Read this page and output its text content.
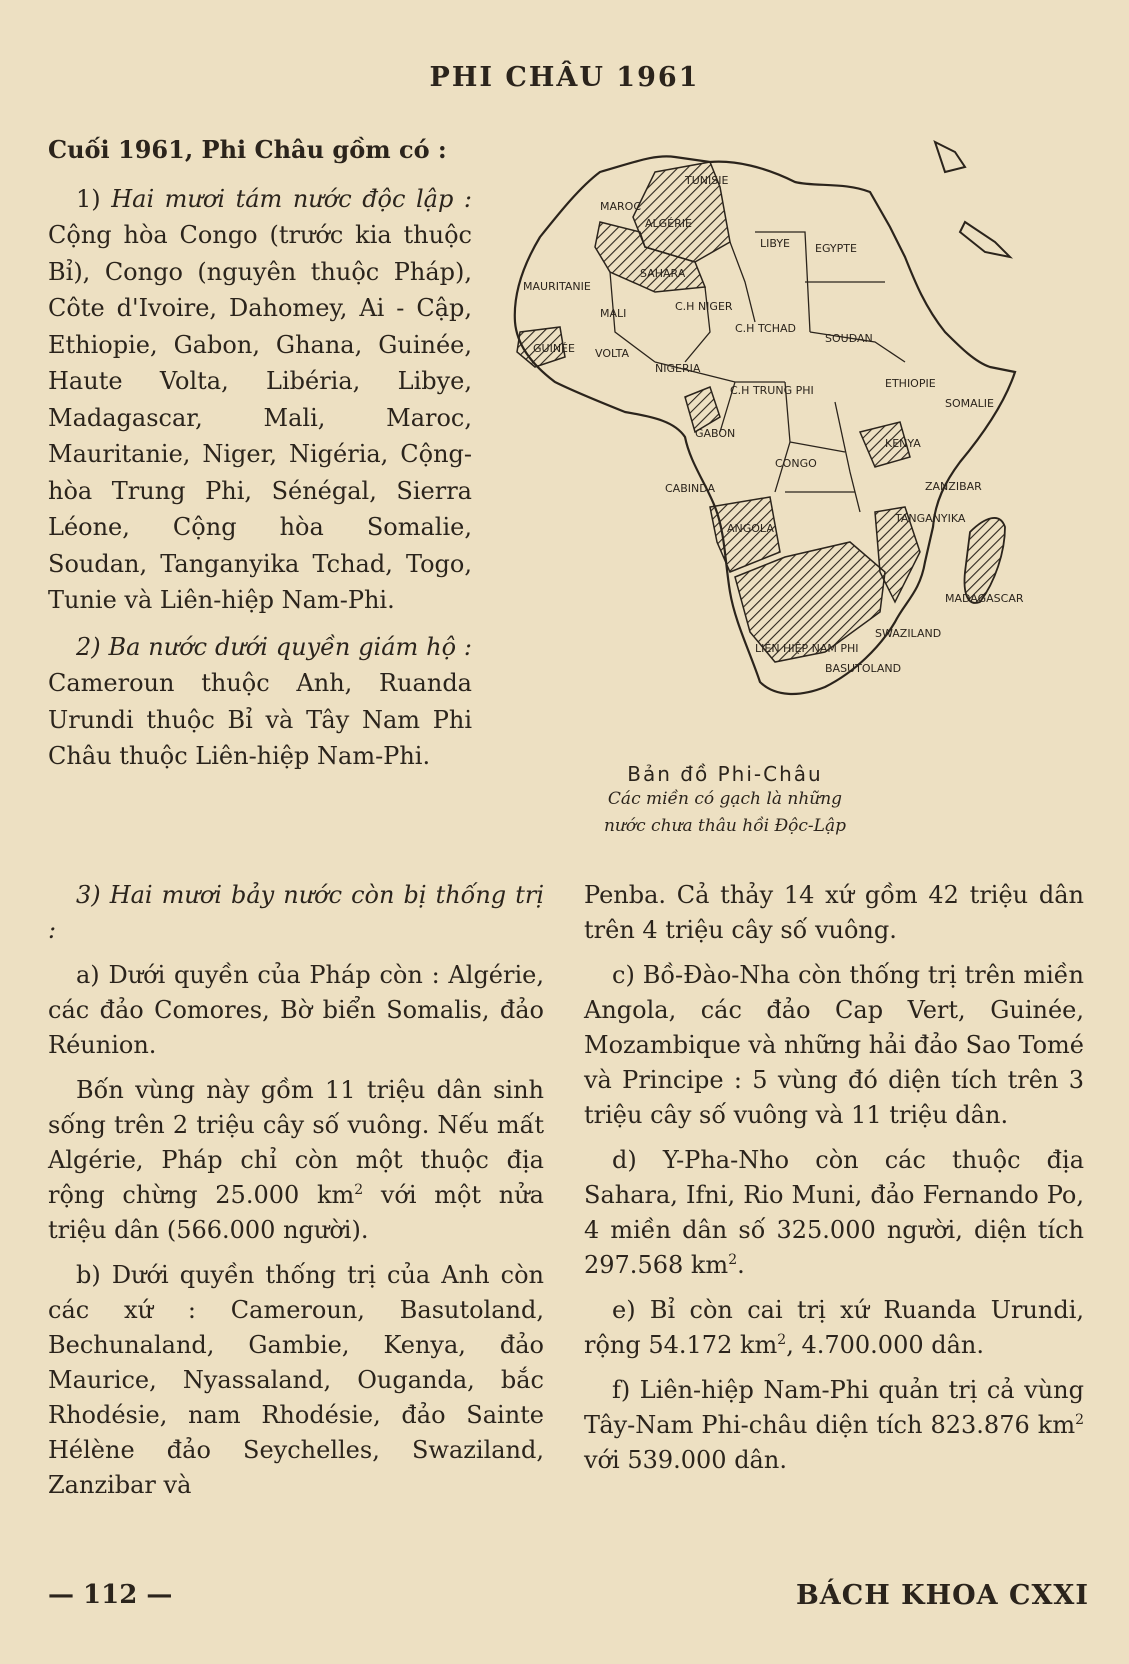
PHI CHÂU 1961

Cuối 1961, Phi Châu gồm có :

1) Hai mươi tám nước độc lập : Cộng hòa Congo (trước kia thuộc Bỉ), Congo (nguyên thuộc Pháp), Côte d'Ivoire, Dahomey, Ai - Cập, Ethiopie, Gabon, Ghana, Guinée, Haute Volta, Libéria, Libye, Madagascar, Mali, Maroc, Mauritanie, Niger, Nigéria, Cộng-hòa Trung Phi, Sénégal, Sierra Léone, Cộng hòa Somalie, Soudan, Tanganyika Tchad, Togo, Tunie và Liên-hiệp Nam-Phi.

2) Ba nước dưới quyền giám hộ : Cameroun thuộc Anh, Ruanda Urundi thuộc Bỉ và Tây Nam Phi Châu thuộc Liên-hiệp Nam-Phi.

TUNISIE
MAROC
ALGÉRIE
LIBYE EGYPTE
SAHARA
MAURITANIE
MALI
C.H NIGER
C.H TCHAD
SOUDAN
NIGERIA
VOLTA
GUINÉE
C.H TRUNG PHI
ETHIOPIE
SOMALIE
KENYA
CONGO
GABON
CABINDA	ZANZIBAR
TANGANYIKA
ANGOLA
MADAGASCAR
SWAZILAND
BASUTOLAND
LIÊN HIỆP NAM PHI
Bản đồ Phi-Châu
Các miền có gạch là những
nước chưa thâu hồi Độc-Lập

3) Hai mươi bảy nước còn bị thống trị :

a) Dưới quyền của Pháp còn : Algérie, các đảo Comores, Bờ biển Somalis, đảo Réunion.

Bốn vùng này gồm 11 triệu dân sinh sống trên 2 triệu cây số vuông. Nếu mất Algérie, Pháp chỉ còn một thuộc địa rộng chừng 25.000 $km^2$ với một nửa triệu dân (566.000 người).

b) Dưới quyền thống trị của Anh còn các xứ : Cameroun, Basutoland, Bechunaland, Gambie, Kenya, đảo Maurice, Nyassaland, Ouganda, bắc Rhodésie, nam Rhodésie, đảo Sainte Hélène đảo Seychelles, Swaziland, Zanzibar và

Penba. Cả thảy 14 xứ gồm 42 triệu dân trên 4 triệu cây số vuông.

c) Bồ-Đào-Nha còn thống trị trên miền Angola, các đảo Cap Vert, Guinée, Mozambique và những hải đảo Sao Tomé và Principe : 5 vùng đó diện tích trên 3 triệu cây số vuông và 11 triệu dân.

d) Y-Pha-Nho còn các thuộc địa Sahara, Ifni, Rio Muni, đảo Fernando Po, 4 miền dân số 325.000 người, diện tích 297.568 $km^2$.

e) Bỉ còn cai trị xứ Ruanda Urundi, rộng 54.172 $km^2$, 4.700.000 dân.

f) Liên-hiệp Nam-Phi quản trị cả vùng Tây-Nam Phi-châu diện tích 823.876 $km^2$ với 539.000 dân.

— 112 —	BÁCH KHOA CXXI
